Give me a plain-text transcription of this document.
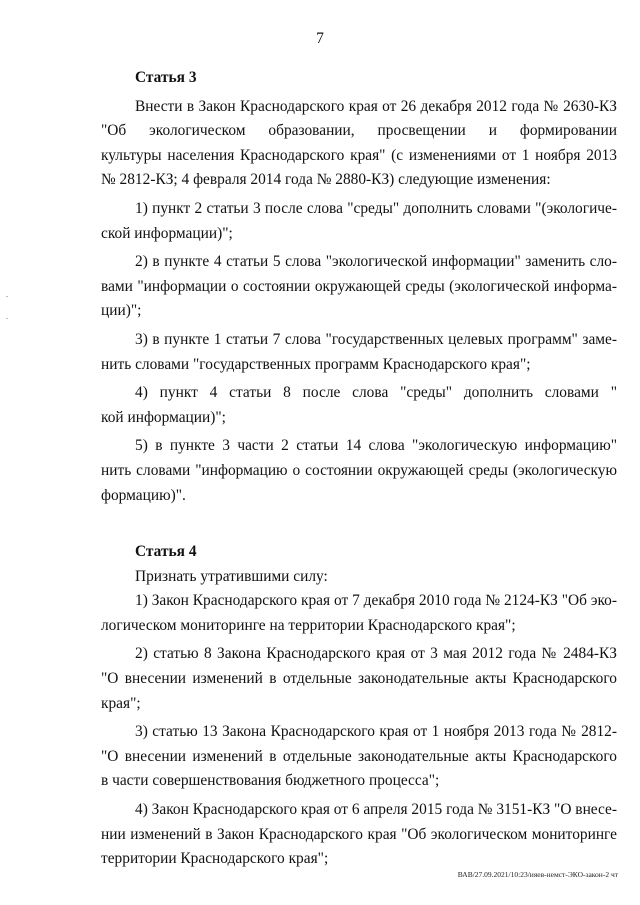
7
Статья 3
Внести в Закон Краснодарского края от 26 декабря 2012 года № 2630-КЗ
"Об экологическом образовании, просвещении и формировании
культуры населения Краснодарского края" (с изменениями от 1 ноября 2013
№ 2812-КЗ; 4 февраля 2014 года № 2880-КЗ) следующие изменения:
1) пункт 2 статьи 3 после слова "среды" дополнить словами "(экологиче-
ской информации)";
2) в пункте 4 статьи 5 слова "экологической информации" заменить сло-
вами "информации о состоянии окружающей среды (экологической информа-
ции)";
3) в пункте 1 статьи 7 слова "государственных целевых программ" заме-
нить словами "государственных программ Краснодарского края";
4) пункт 4 статьи 8 после слова "среды" дополнить словами "
кой информации)";
5) в пункте 3 части 2 статьи 14 слова "экологическую информацию"
нить словами "информацию о состоянии окружающей среды (экологическую
формацию)".
Статья 4
Признать утратившими силу:
1) Закон Краснодарского края от 7 декабря 2010 года № 2124-КЗ "Об эко-
логическом мониторинге на территории Краснодарского края";
2) статью 8 Закона Краснодарского края от 3 мая 2012 года № 2484-КЗ
"О внесении изменений в отдельные законодательные акты Краснодарского
края";
3) статью 13 Закона Краснодарского края от 1 ноября 2013 года № 2812-
"О внесении изменений в отдельные законодательные акты Краснодарского
в части совершенствования бюджетного процесса";
4) Закон Краснодарского края от 6 апреля 2015 года № 3151-КЗ "О внесе-
нии изменений в Закон Краснодарского края "Об экологическом мониторинге
территории Краснодарского края";
ВАВ/27.09.2021/10:23/ияев-немст-ЭКО-закон-2 чт
